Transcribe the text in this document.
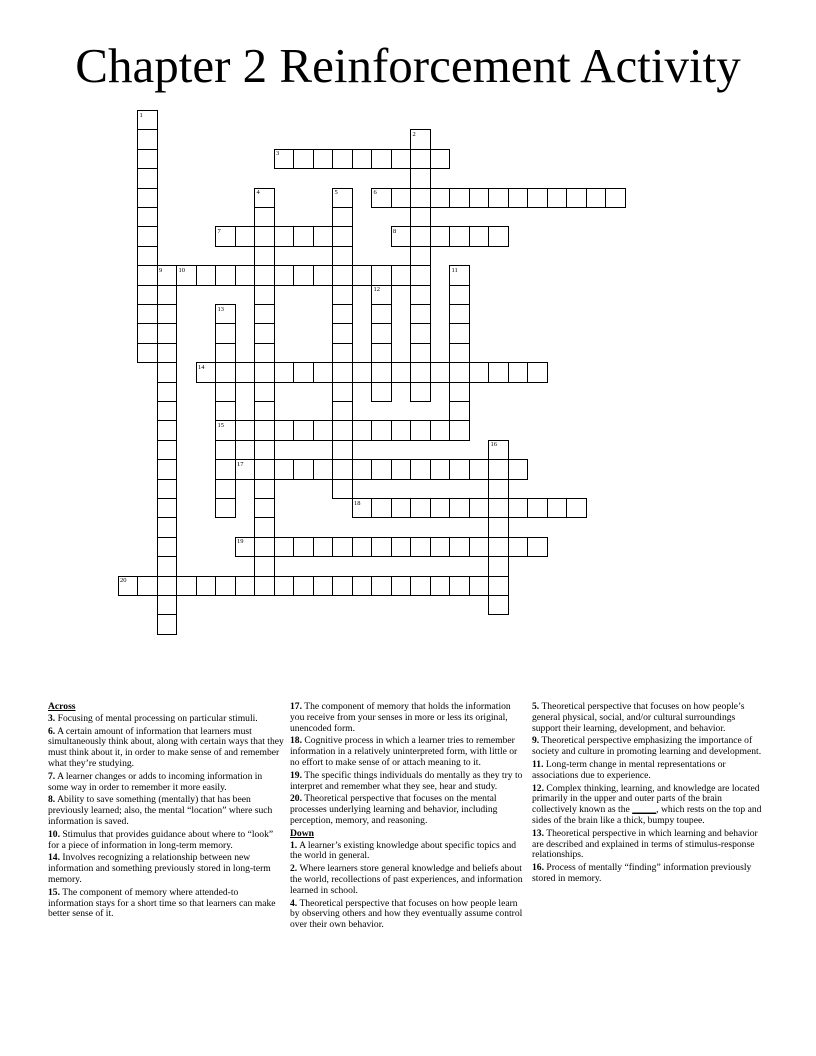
Chapter 2 Reinforcement Activity
1
2
3
4	5	6
7	8
9	10	11
12
13
15
14
16
17
18
19
20
Across
3. Focusing of mental processing on particular stimuli.
6. A certain amount of information that learners must simultaneously think about, along with certain ways that they must think about it, in order to make sense of and remember what they’re studying.
7. A learner changes or adds to incoming information in some way in order to remember it more easily.
8. Ability to save something (mentally) that has been previously learned; also, the mental “location” where such information is saved.
10. Stimulus that provides guidance about where to “look” for a piece of information in long-term memory.
14. Involves recognizing a relationship between new information and something previously stored in long-term memory.
15. The component of memory where attended-to information stays for a short time so that learners can make better sense of it.
17. The component of memory that holds the information you receive from your senses in more or less its original, unencoded form.
18. Cognitive process in which a learner tries to remember information in a relatively uninterpreted form, with little or no effort to make sense of or attach meaning to it.
19. The specific things individuals do mentally as they try to interpret and remember what they see, hear and study.
20. Theoretical perspective that focuses on the mental processes underlying learning and behavior, including perception, memory, and reasoning.
Down
1. A learner’s existing knowledge about specific topics and the world in general.
2. Where learners store general knowledge and beliefs about the world, recollections of past experiences, and information learned in school.
4. Theoretical perspective that focuses on how people learn by observing others and how they eventually assume control over their own behavior.
5. Theoretical perspective that focuses on how people’s general physical, social, and/or cultural surroundings support their learning, development, and behavior.
9. Theoretical perspective emphasizing the importance of society and culture in promoting learning and development.
11. Long-term change in mental representations or associations due to experience.
12. Complex thinking, learning, and knowledge are located primarily in the upper and outer parts of the brain collectively known as the _____, which rests on the top and sides of the brain like a thick, bumpy toupee.
13. Theoretical perspective in which learning and behavior are described and explained in terms of stimulus-response relationships.
16. Process of mentally “finding” information previously stored in memory.
